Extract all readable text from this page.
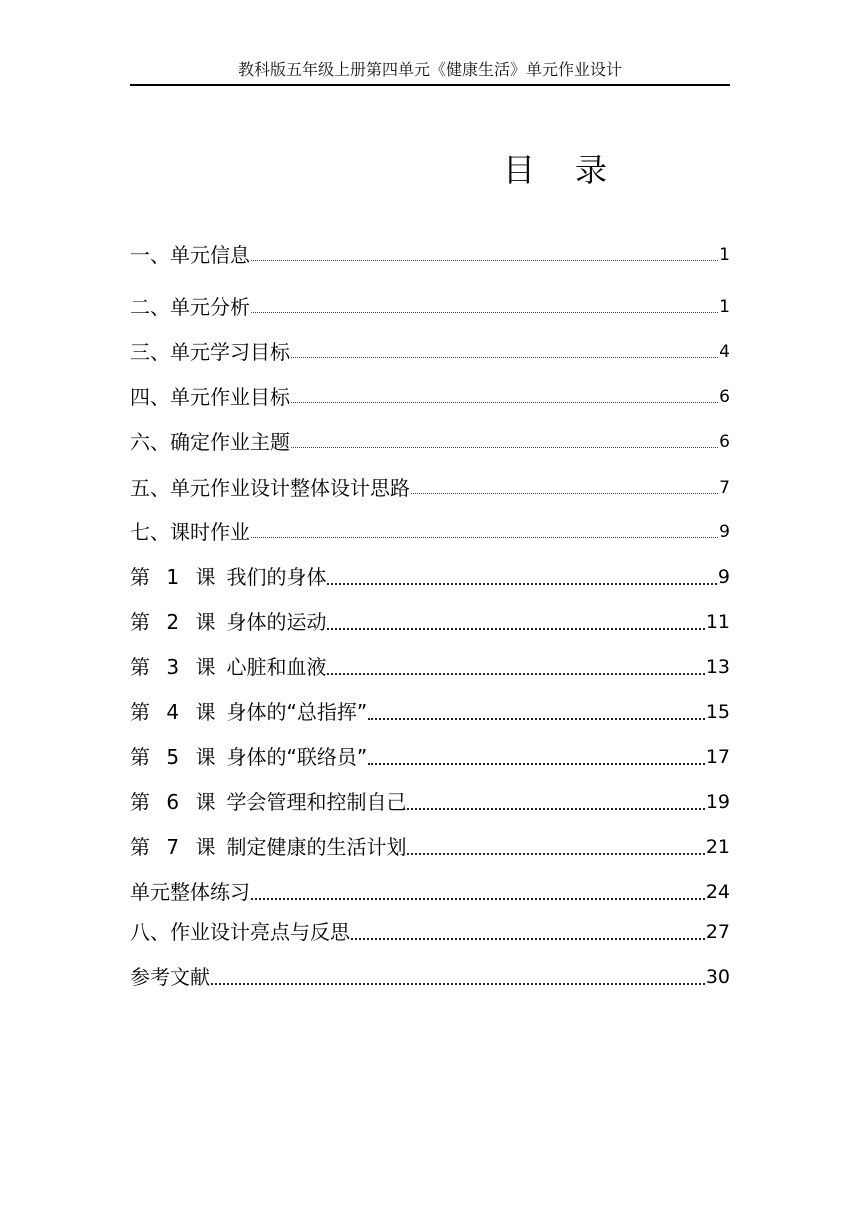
教科版五年级上册第四单元《健康生活》单元作业设计
目 录
一、单元信息	1
二、单元分析	1
三、单元学习目标	4
四、单元作业目标	6
六、确定作业主题	6
五、单元作业设计整体设计思路	7
七、课时作业	9
第 1 课 我们的身体	9
第 2 课 身体的运动	11
第 3 课 心脏和血液	13
第 4 课 身体的“总指挥”	15
第 5 课 身体的“联络员”	17
第 6 课 学会管理和控制自己	19
第 7 课 制定健康的生活计划	21
单元整体练习	24
八、作业设计亮点与反思	27
参考文献	30
